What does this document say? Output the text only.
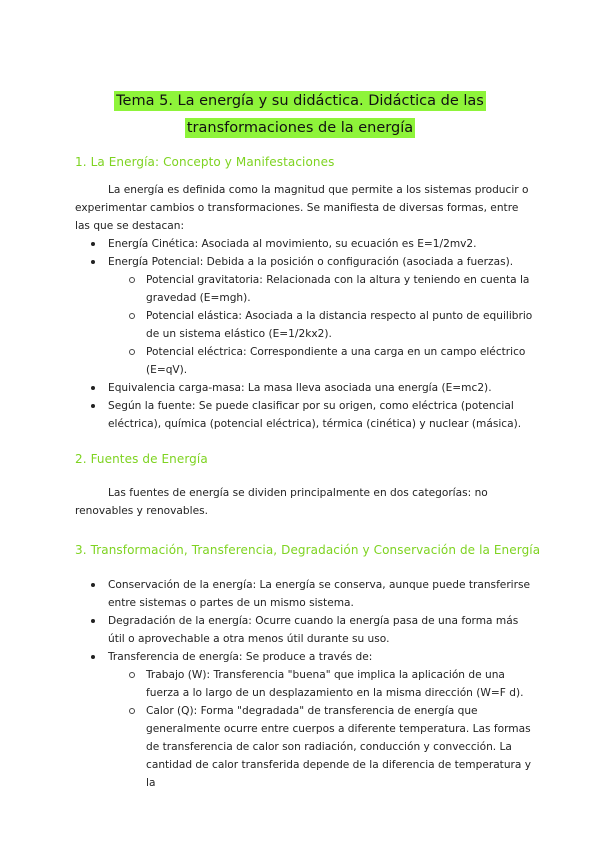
Tema 5. La energía y su didáctica. Didáctica de las
transformaciones de la energía
1. La Energía: Concepto y Manifestaciones
La energía es definida como la magnitud que permite a los sistemas producir o experimentar cambios o transformaciones. Se manifiesta de diversas formas, entre las que se destacan:
Energía Cinética: Asociada al movimiento, su ecuación es E=1/2mv2.
Energía Potencial: Debida a la posición o configuración (asociada a fuerzas).
Potencial gravitatoria: Relacionada con la altura y teniendo en cuenta la gravedad (E=mgh).
Potencial elástica: Asociada a la distancia respecto al punto de equilibrio de un sistema elástico (E=1/2kx2).
Potencial eléctrica: Correspondiente a una carga en un campo eléctrico (E=qV).
Equivalencia carga-masa: La masa lleva asociada una energía (E=mc2).
Según la fuente: Se puede clasificar por su origen, como eléctrica (potencial eléctrica), química (potencial eléctrica), térmica (cinética) y nuclear (másica).
2. Fuentes de Energía
Las fuentes de energía se dividen principalmente en dos categorías: no renovables y renovables.
3. Transformación, Transferencia, Degradación y Conservación de la Energía
Conservación de la energía: La energía se conserva, aunque puede transferirse entre sistemas o partes de un mismo sistema.
Degradación de la energía: Ocurre cuando la energía pasa de una forma más útil o aprovechable a otra menos útil durante su uso.
Transferencia de energía: Se produce a través de:
Trabajo (W): Transferencia "buena" que implica la aplicación de una fuerza a lo largo de un desplazamiento en la misma dirección (W=F d).
Calor (Q): Forma "degradada" de transferencia de energía que generalmente ocurre entre cuerpos a diferente temperatura. Las formas de transferencia de calor son radiación, conducción y convección. La cantidad de calor transferida depende de la diferencia de temperatura y la
